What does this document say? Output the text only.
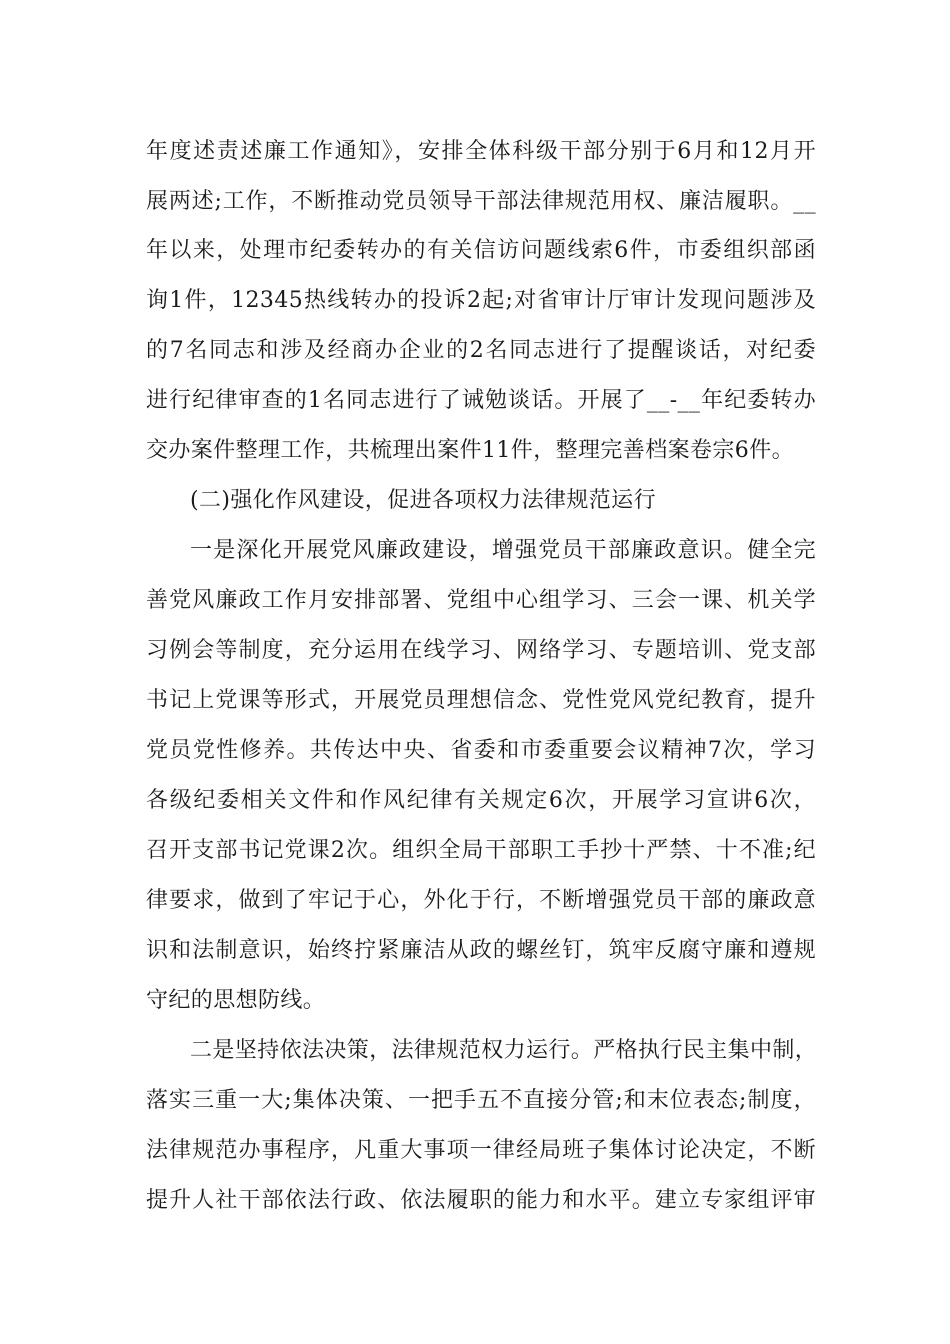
年度述责述廉工作通知》，安排全体科级干部分别于6月和12月开
展两述;工作，不断推动党员领导干部法律规范用权、廉洁履职。__
年以来，处理市纪委转办的有关信访问题线索6件，市委组织部函
询1件，12345热线转办的投诉2起;对省审计厅审计发现问题涉及
的7名同志和涉及经商办企业的2名同志进行了提醒谈话，对纪委
进行纪律审查的1名同志进行了诫勉谈话。开展了__-__年纪委转办
交办案件整理工作，共梳理出案件11件，整理完善档案卷宗6件。
(二)强化作风建设，促进各项权力法律规范运行
一是深化开展党风廉政建设，增强党员干部廉政意识。健全完
善党风廉政工作月安排部署、党组中心组学习、三会一课、机关学
习例会等制度，充分运用在线学习、网络学习、专题培训、党支部
书记上党课等形式，开展党员理想信念、党性党风党纪教育，提升
党员党性修养。共传达中央、省委和市委重要会议精神7次，学习
各级纪委相关文件和作风纪律有关规定6次，开展学习宣讲6次，
召开支部书记党课2次。组织全局干部职工手抄十严禁、十不准;纪
律要求，做到了牢记于心，外化于行，不断增强党员干部的廉政意
识和法制意识，始终拧紧廉洁从政的螺丝钉，筑牢反腐守廉和遵规
守纪的思想防线。
二是坚持依法决策，法律规范权力运行。严格执行民主集中制，
落实三重一大;集体决策、一把手五不直接分管;和末位表态;制度，
法律规范办事程序，凡重大事项一律经局班子集体讨论决定，不断
提升人社干部依法行政、依法履职的能力和水平。建立专家组评审
